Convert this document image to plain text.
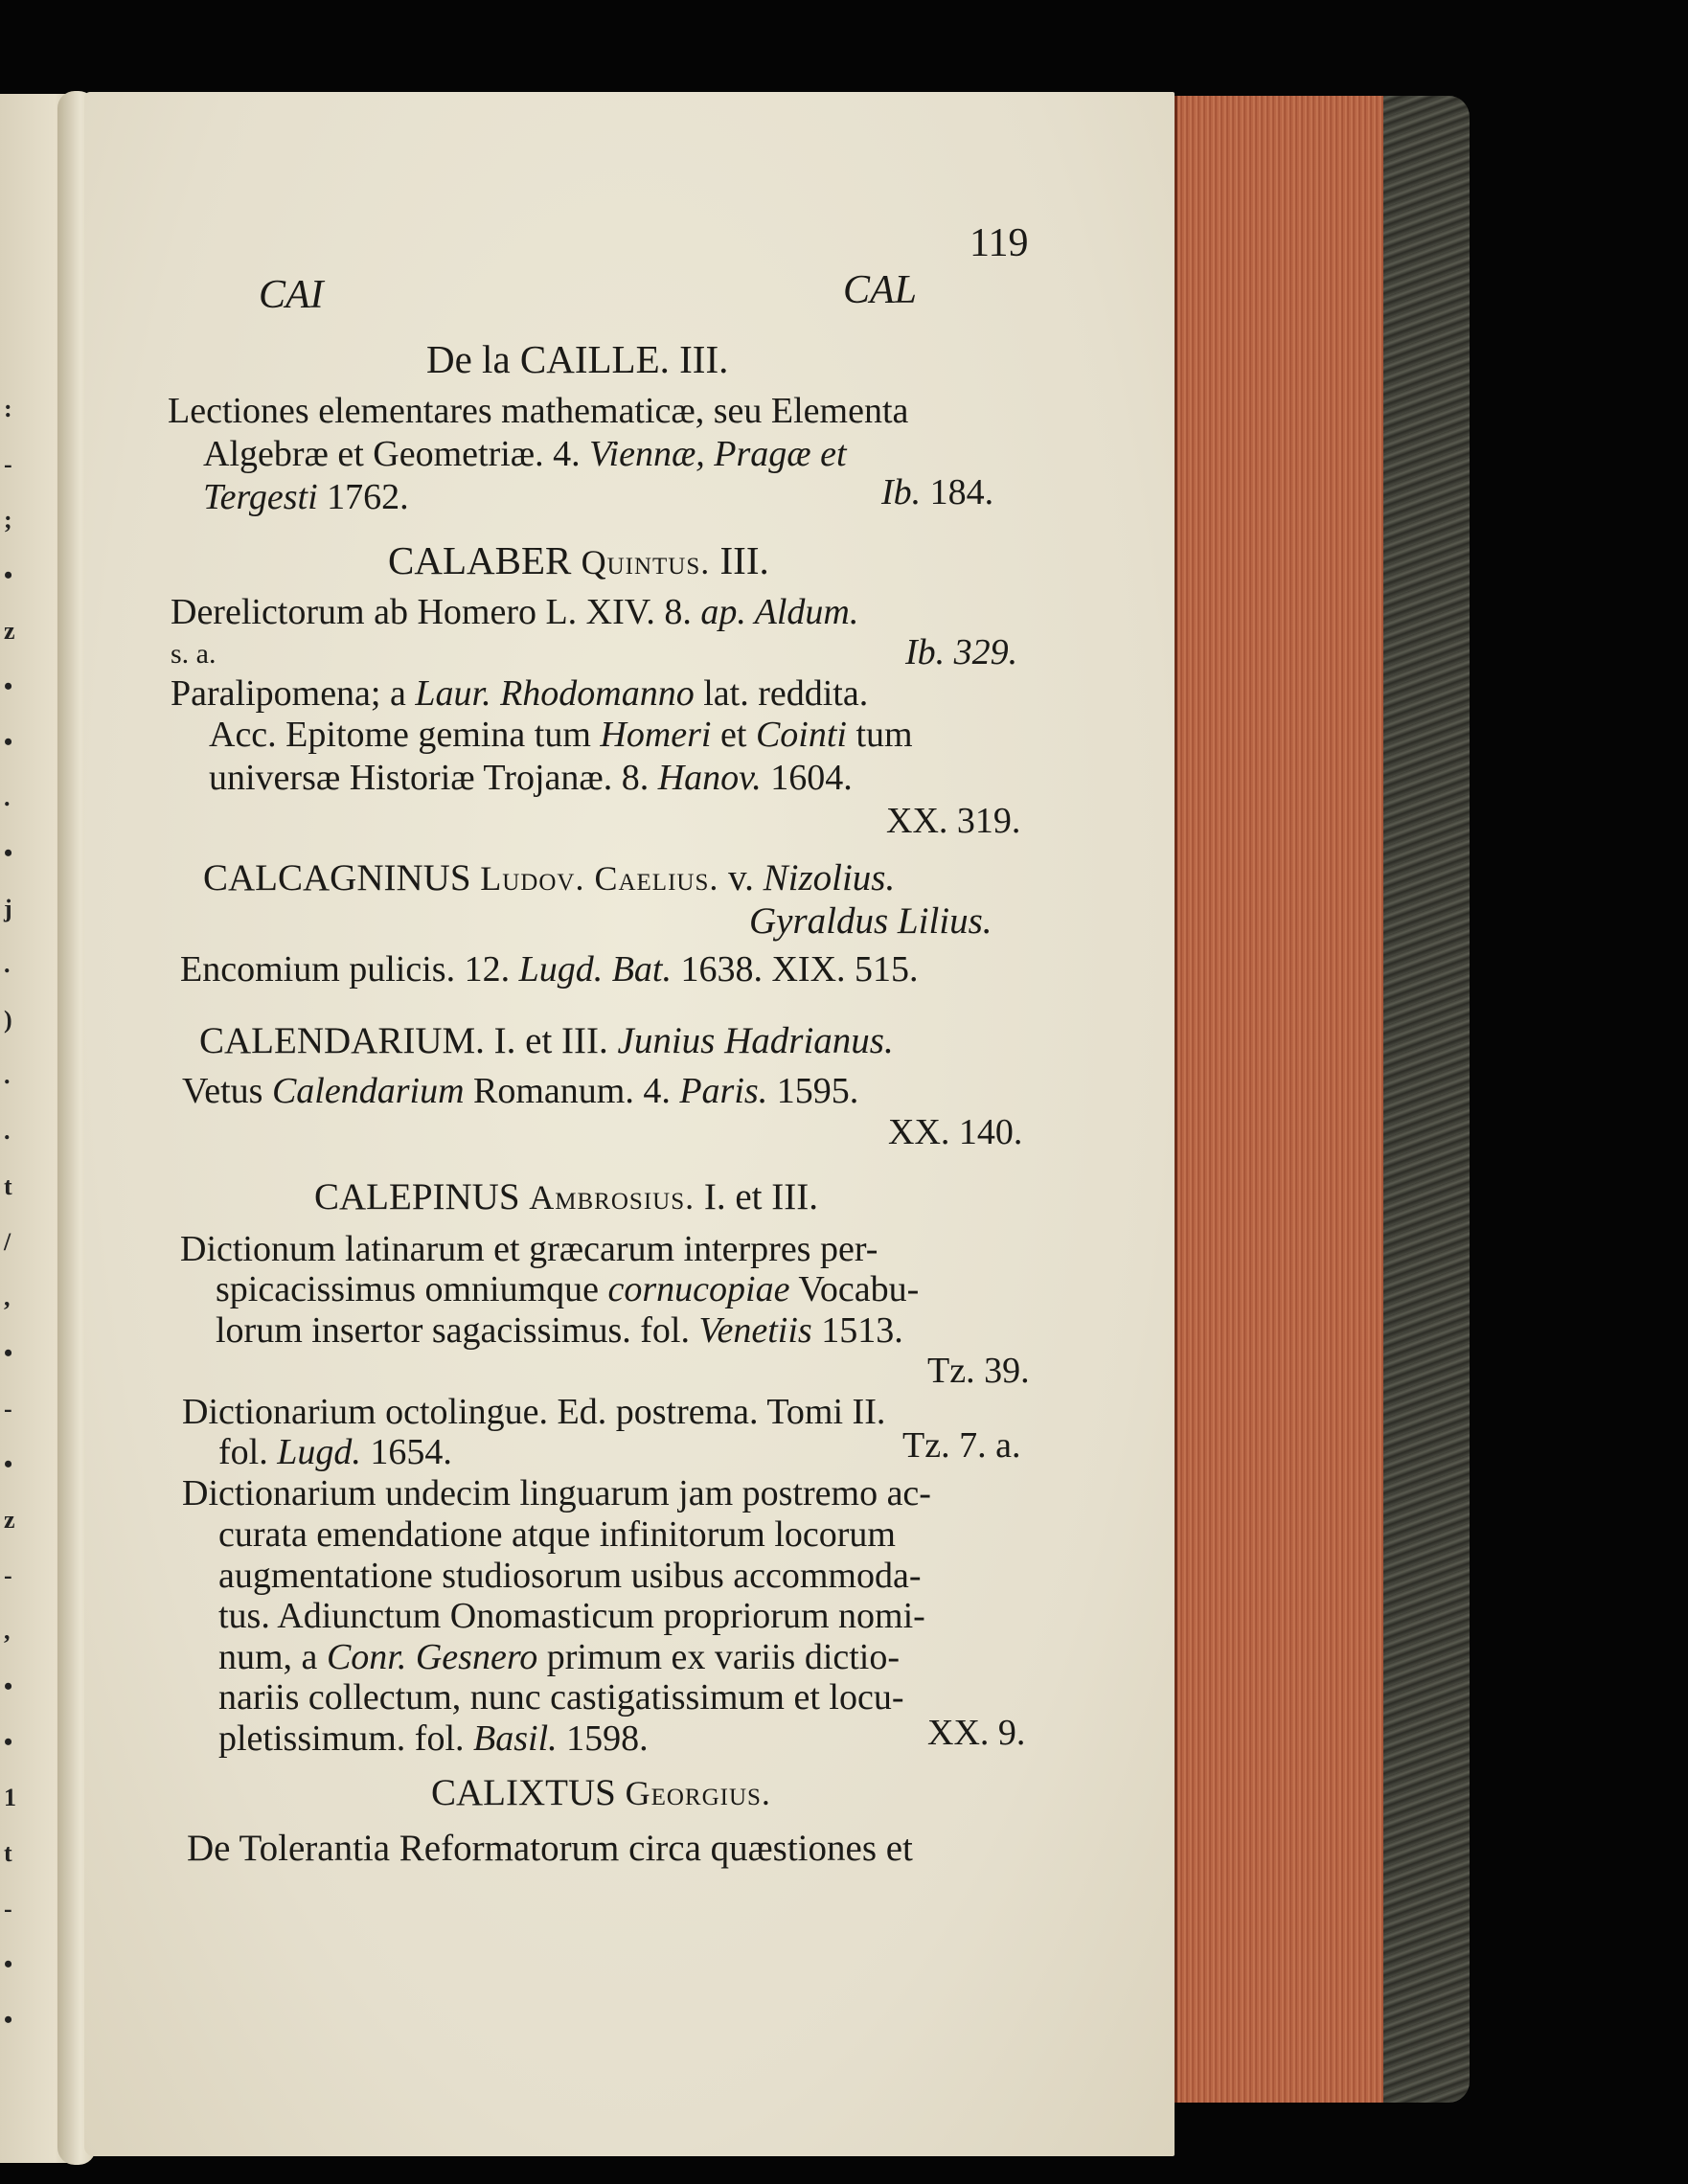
:
-
;
•
z
•
•
.
•
j
.
)
.
.
t
/
,
•
-
•
z
-
,
•
•
1
t
-
•
•
119
CAI	CAL
De la CAILLE. III.
Lectiones elementares mathematicæ, seu Elementa
Algebræ et Geometriæ. 4. Viennæ, Pragæ et
Tergesti 1762.	Ib. 184.
CALABER Quintus. III.
Derelictorum ab Homero L. XIV. 8. ap. Aldum.
s. a.	Ib. 329.
Paralipomena; a Laur. Rhodomanno lat. reddita.
Acc. Epitome gemina tum Homeri et Cointi tum
universæ Historiæ Trojanæ. 8. Hanov. 1604.
XX. 319.
CALCAGNINUS Ludov. Caelius. v. Nizolius.
Gyraldus Lilius.
Encomium pulicis. 12. Lugd. Bat. 1638. XIX. 515.
CALENDARIUM. I. et III. Junius Hadrianus.
Vetus Calendarium Romanum. 4. Paris. 1595.
XX. 140.
CALEPINUS Ambrosius. I. et III.
Dictionum latinarum et græcarum interpres per-
spicacissimus omniumque cornucopiae Vocabu-
lorum insertor sagacissimus. fol. Venetiis 1513.
Tz. 39.
Dictionarium octolingue. Ed. postrema. Tomi II.
fol. Lugd. 1654.	Tz. 7. a.
Dictionarium undecim linguarum jam postremo ac-
curata emendatione atque infinitorum locorum
augmentatione studiosorum usibus accommoda-
tus. Adiunctum Onomasticum propriorum nomi-
num, a Conr. Gesnero primum ex variis dictio-
nariis collectum, nunc castigatissimum et locu-
pletissimum. fol. Basil. 1598.	XX. 9.
CALIXTUS Georgius.
De Tolerantia Reformatorum circa quæstiones et
